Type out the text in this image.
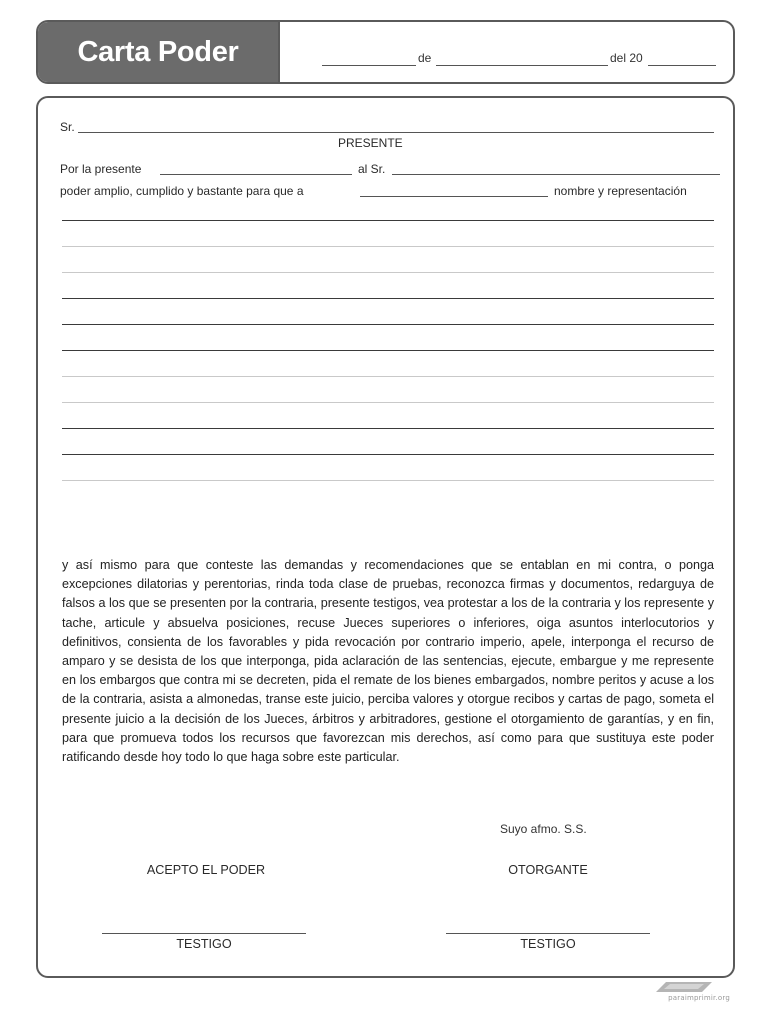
Carta Poder	de	del 20
Sr.
PRESENTE
Por la presente	al Sr.
poder amplio, cumplido y bastante para que a	nombre y representación

y así mismo para que conteste las demandas y recomendaciones que se entablan en mi contra, o ponga excepciones dilatorias y perentorias, rinda toda clase de pruebas, reconozca firmas y documentos, redarguya de falsos a los que se presenten por la contraria, presente testigos, vea protestar a los de la contraria y los represente y tache, articule y absuelva posiciones, recuse Jueces superiores o inferiores, oiga asuntos interlocutorios y definitivos, consienta de los favorables y pida revocación por contrario imperio, apele, interponga el recurso de amparo y se desista de los que interponga, pida aclaración de las sentencias, ejecute, embargue y me represente en los embargos que contra mi se decreten, pida el remate de los bienes embargados, nombre peritos y acuse a los de la contraria, asista a almonedas, transe este juicio, perciba valores y otorgue recibos y cartas de pago, sometа el presente juicio a la decisión de los Jueces, árbitros y arbitradores, gestione el otorgamiento de garantías, y en fin, para que promueva todos los recursos que favorezcan mis derechos, así como para que sustituya este poder ratificando desde hoy todo lo que haga sobre este particular.

Suyo afmo. S.S.
ACEPTO EL PODER	OTORGANTE
TESTIGO	TESTIGO
paraimprimir.org
